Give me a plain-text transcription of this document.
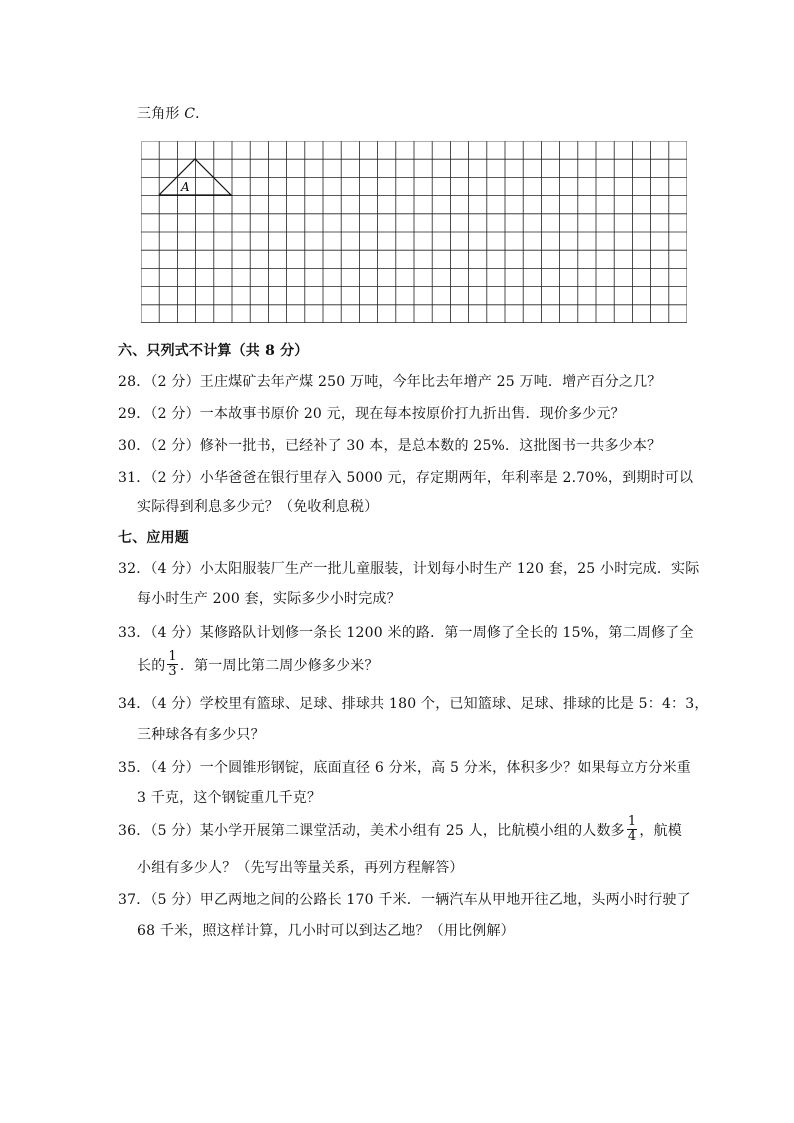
三角形 C．
A
六、只列式不计算（共 8 分）
28．（2 分）王庄煤矿去年产煤 250 万吨，今年比去年增产 25 万吨．增产百分之几？
29．（2 分）一本故事书原价 20 元，现在每本按原价打九折出售．现价多少元？
30．（2 分）修补一批书，已经补了 30 本，是总本数的 25%．这批图书一共多少本？
31．（2 分）小华爸爸在银行里存入 5000 元，存定期两年，年利率是 2.70%，到期时可以
实际得到利息多少元？（免收利息税）
七、应用题
32．（4 分）小太阳服装厂生产一批儿童服装，计划每小时生产 120 套，25 小时完成．实际
每小时生产 200 套，实际多少小时完成？
33．（4 分）某修路队计划修一条长 1200 米的路．第一周修了全长的 15%，第二周修了全
长的 $\frac{1}{3}$ ．第一周比第二周少修多少米？
34．（4 分）学校里有篮球、足球、排球共 180 个，已知篮球、足球、排球的比是 5：4：3，
三种球各有多少只？
35．（4 分）一个圆锥形钢锭，底面直径 6 分米，高 5 分米，体积多少？如果每立方分米重
3 千克，这个钢锭重几千克？
36．（5 分）某小学开展第二课堂活动，美术小组有 25 人，比航模小组的人数多 $\frac{1}{4}$ ，航模
小组有多少人？（先写出等量关系，再列方程解答）
37．（5 分）甲乙两地之间的公路长 170 千米．一辆汽车从甲地开往乙地，头两小时行驶了
68 千米，照这样计算，几小时可以到达乙地？（用比例解）
